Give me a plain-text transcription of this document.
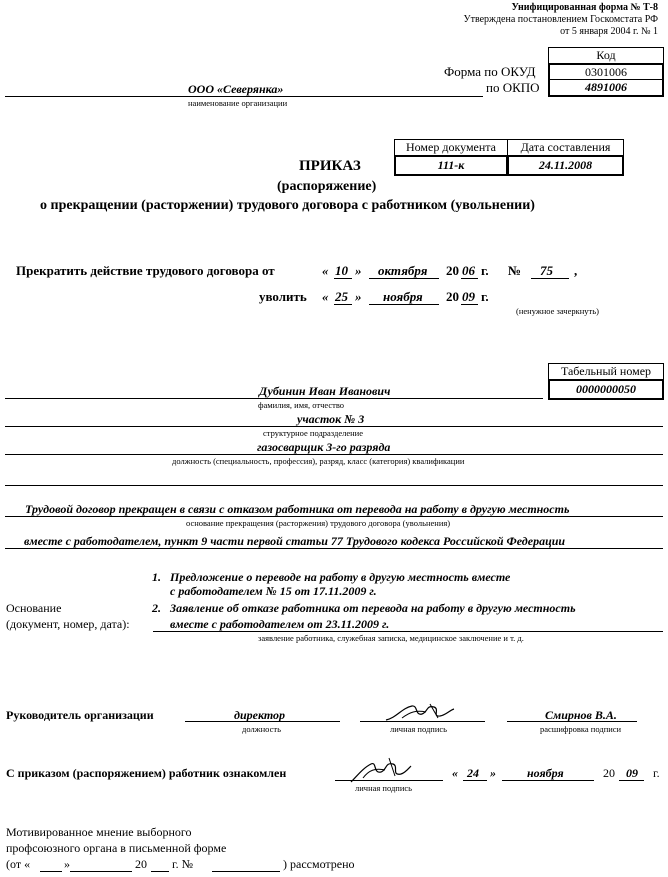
Унифицированная форма № Т-8
Утверждена постановлением Госкомстата РФ
от 5 января 2004 г. № 1
Код
Форма по ОКУД	0301006
по ОКПО	4891006
ООО «Северянка»
наименование организации
Номер документа Дата составления
111-к	24.11.2008
ПРИКАЗ
(распоряжение)
о прекращении (расторжении) трудового договора с работником (увольнении)
Прекратить действие трудового договора от	« 10 » октября 20 06 г. № 75 ,
уволить « 25 » ноября 20 09 г.
(ненужное зачеркнуть)
Табельный номер
0000000050
Дубинин Иван Иванович
фамилия, имя, отчество
участок № 3
структурное подразделение
газосварщик 3-го разряда
должность (специальность, профессия), разряд, класс (категория) квалификации
Трудовой договор прекращен в связи с отказом работника от перевода на работу в другую местность
основание прекращения (расторжения) трудового договора (увольнения)
вместе с работодателем, пункт 9 части первой статьи 77 Трудового кодекса Российской Федерации
1. Предложение о переводе на работу в другую местность вместе
с работодателем № 15 от 17.11.2009 г.
Основание	2. Заявление об отказе работника от перевода на работу в другую местность
(документ, номер, дата):	вместе с работодателем от 23.11.2009 г.
заявление работника, служебная записка, медицинское заключение и т. д.
Руководитель организации	директор
должность	личная подпись
Смирнов В.А.
расшифровка подписи
С приказом (распоряжением) работник ознакомлен
личная подпись
« 24 »	ноября	20 09 г.
Мотивированное мнение выборного
профсоюзного органа в письменной форме
(от «	»	20 г. №	) рассмотрено
